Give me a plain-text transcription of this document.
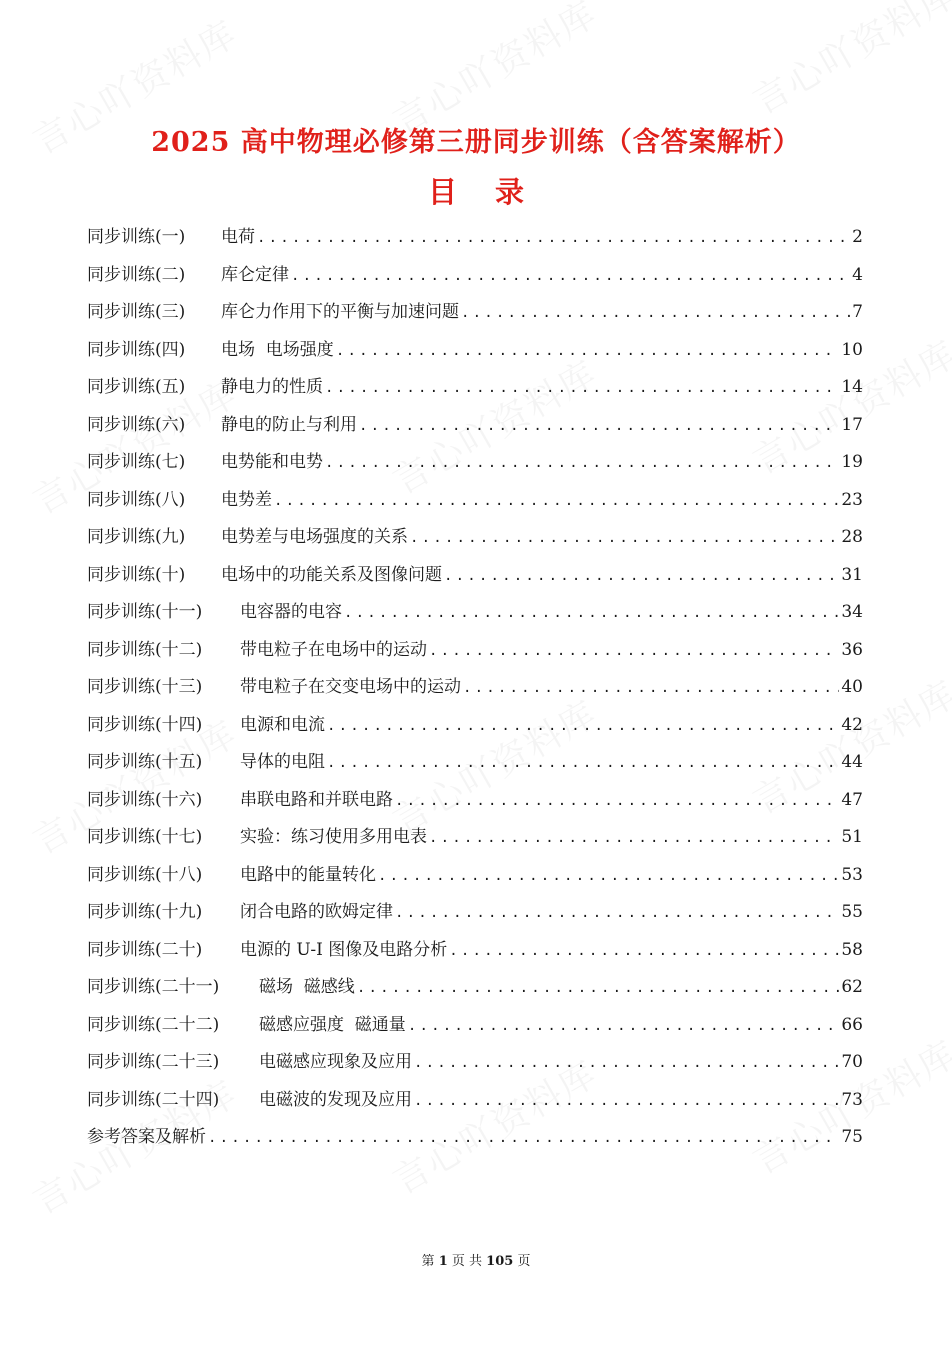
2025 高中物理必修第三册同步训练（含答案解析）
目 录
同步训练(一)	电荷 .....	2
同步训练(二)	库仑定律 .....	4
同步训练(三)	库仑力作用下的平衡与加速问题 .....	7
同步训练(四)	电场  电场强度 .....	10
同步训练(五)	静电力的性质 .....	14
同步训练(六)	静电的防止与利用 .....	17
同步训练(七)	电势能和电势 .....	19
同步训练(八)	电势差 .....	23
同步训练(九)	电势差与电场强度的关系 .....	28
同步训练(十)	电场中的功能关系及图像问题 .....	31
同步训练(十一)	电容器的电容 .....	34
同步训练(十二)	带电粒子在电场中的运动 .....	36
同步训练(十三)	带电粒子在交变电场中的运动 .....	40
同步训练(十四)	电源和电流 .....	42
同步训练(十五)	导体的电阻 .....	44
同步训练(十六)	串联电路和并联电路 .....	47
同步训练(十七)	实验：练习使用多用电表 .....	51
同步训练(十八)	电路中的能量转化 .....	53
同步训练(十九)	闭合电路的欧姆定律 .....	55
同步训练(二十)	电源的 U-I 图像及电路分析 .....	58
同步训练(二十一)	磁场  磁感线 .....	62
同步训练(二十二)	磁感应强度  磁通量 .....	66
同步训练(二十三)	电磁感应现象及应用 .....	70
同步训练(二十四)	电磁波的发现及应用 .....	73
参考答案及解析 .....	75
第 1 页 共 105 页
